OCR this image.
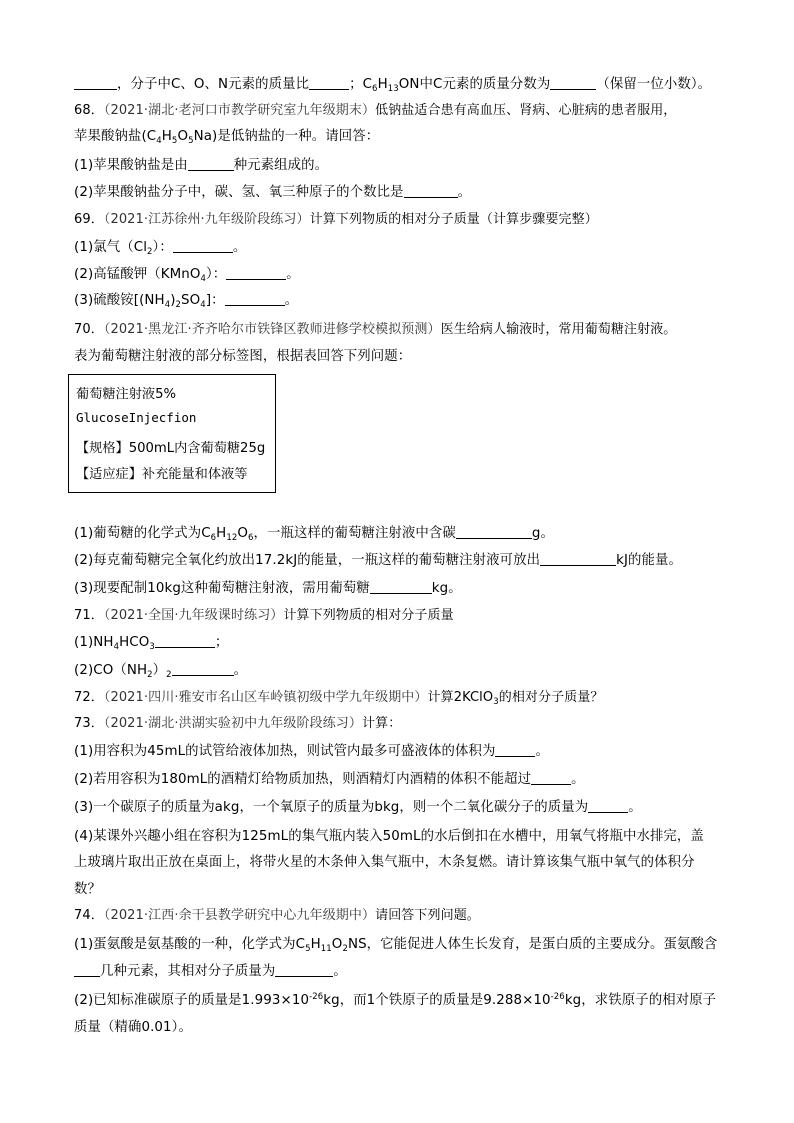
，分子中C、O、N元素的质量比	；$C_6H_{13}ON$中C元素的质量分数为	（保留一位小数）。
68．（2021·湖北·老河口市教学研究室九年级期末）低钠盐适合患有高血压、肾病、心脏病的患者服用，
苹果酸钠盐$(C_4H_5O_5Na)$是低钠盐的一种。请回答：
(1)苹果酸钠盐是由	种元素组成的。
(2)苹果酸钠盐分子中，碳、氢、氧三种原子的个数比是	。
69．（2021·江苏徐州·九年级阶段练习）计算下列物质的相对分子质量（计算步骤要完整）
(1)氯气$(Cl_2)$：	。
(2)高锰酸钾（KMnO$_4$）：	。
(3)硫酸铵$[(NH_4)_2SO_4]$：	。
70．（2021·黑龙江·齐齐哈尔市铁锋区教师进修学校模拟预测）医生给病人输液时，常用葡萄糖注射液。
表为葡萄糖注射液的部分标签图，根据表回答下列问题：
葡萄糖注射液5%
GlucoseInjecfion
【规格】500mL内含葡萄糖25g
【适应症】补充能量和体液等
(1)葡萄糖的化学式为$C_6H_{12}O_6$，一瓶这样的葡萄糖注射液中含碳	g。
(2)每克葡萄糖完全氧化约放出17.2kJ的能量，一瓶这样的葡萄糖注射液可放出	kJ的能量。
(3)现要配制10kg这种葡萄糖注射液，需用葡萄糖	kg。
71．（2021·全国·九年级课时练习）计算下列物质的相对分子质量
$(1)NH_4HCO_3$	；
$(2)CO(NH_2)_2$	。
72．（2021·四川·雅安市名山区车岭镇初级中学九年级期中）计算2KClO$_3$的相对分子质量？
73．（2021·湖北·洪湖实验初中九年级阶段练习）计算：
(1)用容积为45mL的试管给液体加热，则试管内最多可盛液体的体积为	。
(2)若用容积为180mL的酒精灯给物质加热，则酒精灯内酒精的体积不能超过	。
(3)一个碳原子的质量为akg，一个氧原子的质量为bkg，则一个二氧化碳分子的质量为	。
(4)某课外兴趣小组在容积为125mL的集气瓶内装入50mL的水后倒扣在水槽中，用氧气将瓶中水排完，盖
上玻璃片取出正放在桌面上，将带火星的木条伸入集气瓶中，木条复燃。请计算该集气瓶中氧气的体积分
数？
74．（2021·江西·余干县教学研究中心九年级期中）请回答下列问题。
(1)蛋氨酸是氨基酸的一种，化学式为$C_5H_{11}O_2NS$，它能促进人体生长发育，是蛋白质的主要成分。蛋氨酸含
几种元素，其相对分子质量为	。
(2)已知标准碳原子的质量是$1.993\times 10^{-26}kg$，而1个铁原子的质量是$9.288\times 10^{-26}kg$，求铁原子的相对原子
质量（精确0.01）。
